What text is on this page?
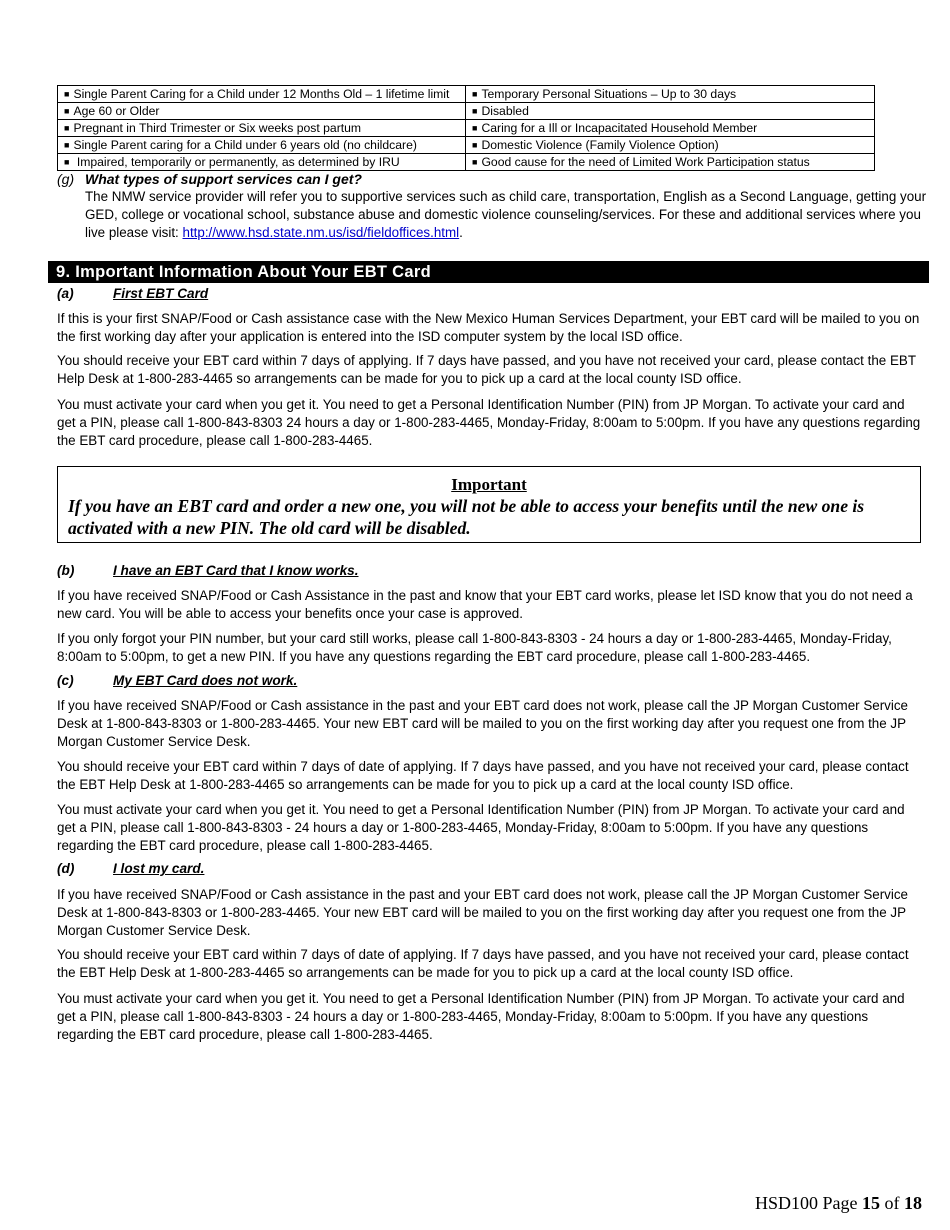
■ Single Parent Caring for a Child under 12 Months Old – 1 lifetime limit	■ Temporary Personal Situations – Up to 30 days
■ Age 60 or Older	■ Disabled
■ Pregnant in Third Trimester or Six weeks post partum	■ Caring for a Ill or Incapacitated Household Member
■ Single Parent caring for a Child under 6 years old (no childcare)	■ Domestic Violence (Family Violence Option)
■ Impaired, temporarily or permanently, as determined by IRU	■ Good cause for the need of Limited Work Participation status
(g) What types of support services can I get?
The NMW service provider will refer you to supportive services such as child care, transportation, English as a Second Language, getting your GED, college or vocational school, substance abuse and domestic violence counseling/services. For these and additional services where you live please visit: http://www.hsd.state.nm.us/isd/fieldoffices.html.
9. Important Information About Your EBT Card
(a)	First EBT Card

If this is your first SNAP/Food or Cash assistance case with the New Mexico Human Services Department, your EBT card will be mailed to you on the first working day after your application is entered into the ISD computer system by the local ISD office.

You should receive your EBT card within 7 days of applying. If 7 days have passed, and you have not received your card, please contact the EBT Help Desk at 1-800-283-4465 so arrangements can be made for you to pick up a card at the local county ISD office.

You must activate your card when you get it. You need to get a Personal Identification Number (PIN) from JP Morgan. To activate your card and get a PIN, please call 1-800-843-8303 24 hours a day or 1-800-283-4465, Monday-Friday, 8:00am to 5:00pm. If you have any questions regarding the EBT card procedure, please call 1-800-283-4465.

Important
If you have an EBT card and order a new one, you will not be able to access your benefits until the new one is activated with a new PIN. The old card will be disabled.
(b)	I have an EBT Card that I know works.

If you have received SNAP/Food or Cash Assistance in the past and know that your EBT card works, please let ISD know that you do not need a new card. You will be able to access your benefits once your case is approved.

If you only forgot your PIN number, but your card still works, please call 1-800-843-8303 - 24 hours a day or 1-800-283-4465, Monday-Friday, 8:00am to 5:00pm, to get a new PIN. If you have any questions regarding the EBT card procedure, please call 1-800-283-4465.

(c)	My EBT Card does not work.

If you have received SNAP/Food or Cash assistance in the past and your EBT card does not work, please call the JP Morgan Customer Service Desk at 1-800-843-8303 or 1-800-283-4465. Your new EBT card will be mailed to you on the first working day after you request one from the JP Morgan Customer Service Desk.

You should receive your EBT card within 7 days of date of applying. If 7 days have passed, and you have not received your card, please contact the EBT Help Desk at 1-800-283-4465 so arrangements can be made for you to pick up a card at the local county ISD office.

You must activate your card when you get it. You need to get a Personal Identification Number (PIN) from JP Morgan. To activate your card and get a PIN, please call 1-800-843-8303 - 24 hours a day or 1-800-283-4465, Monday-Friday, 8:00am to 5:00pm. If you have any questions regarding the EBT card procedure, please call 1-800-283-4465.

(d)	I lost my card.

If you have received SNAP/Food or Cash assistance in the past and your EBT card does not work, please call the JP Morgan Customer Service Desk at 1-800-843-8303 or 1-800-283-4465. Your new EBT card will be mailed to you on the first working day after you request one from the JP Morgan Customer Service Desk.

You should receive your EBT card within 7 days of date of applying. If 7 days have passed, and you have not received your card, please contact the EBT Help Desk at 1-800-283-4465 so arrangements can be made for you to pick up a card at the local county ISD office.

You must activate your card when you get it. You need to get a Personal Identification Number (PIN) from JP Morgan. To activate your card and get a PIN, please call 1-800-843-8303 - 24 hours a day or 1-800-283-4465, Monday-Friday, 8:00am to 5:00pm. If you have any questions regarding the EBT card procedure, please call 1-800-283-4465.

HSD100 Page 15 of 18
